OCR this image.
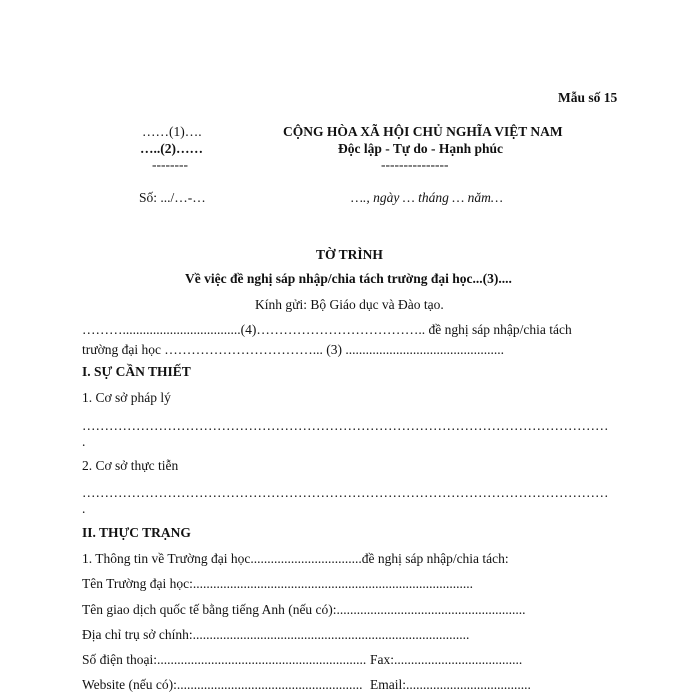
Mẫu số 15
……(1)….
…..(2)……
--------
Số: .../…-…
CỘNG HÒA XÃ HỘI CHỦ NGHĨA VIỆT NAM
Độc lập - Tự do - Hạnh phúc
---------------
…., ngày … tháng … năm…
TỜ TRÌNH
Về việc đề nghị sáp nhập/chia tách trường đại học...(3)....
Kính gửi: Bộ Giáo dục và Đào tạo.
………...................................(4)……………………………….. đề nghị sáp nhập/chia tách
trường đại học ……………………………... (3) ...............................................
I. SỰ CẦN THIẾT
1. Cơ sở pháp lý
………………………………………………………………………………………………………
.
2. Cơ sở thực tiễn
………………………………………………………………………………………………………
.
II. THỰC TRẠNG
1. Thông tin về Trường đại học.................................đề nghị sáp nhập/chia tách:
Tên Trường đại học:...................................................................................
Tên giao dịch quốc tế bằng tiếng Anh (nếu có):........................................................
Địa chỉ trụ sở chính:..................................................................................
Số điện thoại:.............................................................. Fax:......................................
Website (nếu có):....................................................... Email:.....................................
